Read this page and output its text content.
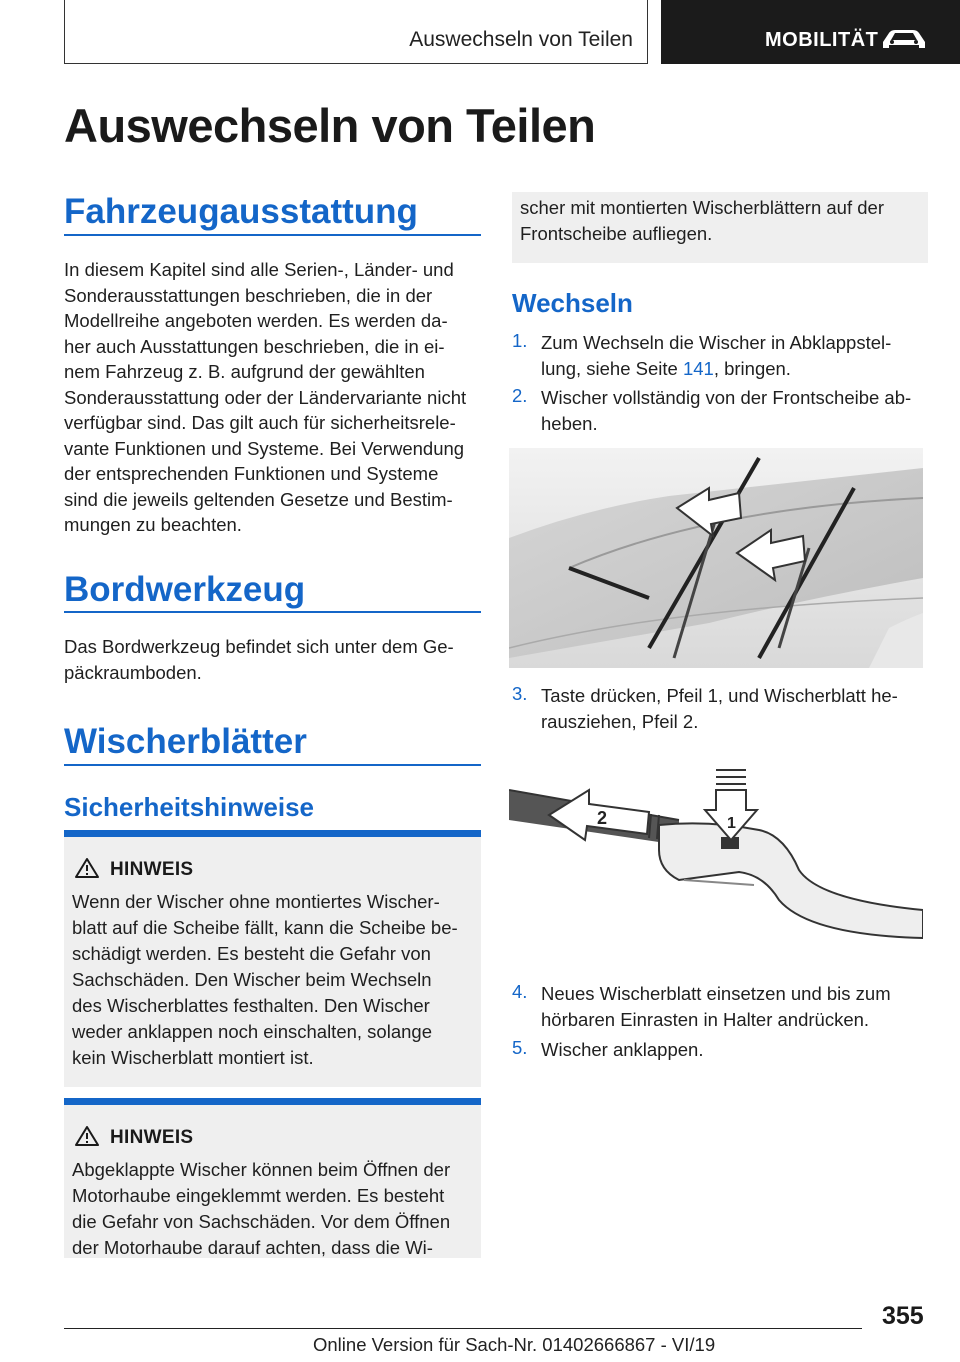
Auswechseln von Teilen	MOBILITÄT
Auswechseln von Teilen
Fahrzeugausstattung
In diesem Kapitel sind alle Serien-, Länder- und
Sonderausstattungen beschrieben, die in der
Modellreihe angeboten werden. Es werden da-
her auch Ausstattungen beschrieben, die in ei-
nem Fahrzeug z. B. aufgrund der gewählten
Sonderausstattung oder der Ländervariante nicht
verfügbar sind. Das gilt auch für sicherheitsrele-
vante Funktionen und Systeme. Bei Verwendung
der entsprechenden Funktionen und Systeme
sind die jeweils geltenden Gesetze und Bestim-
mungen zu beachten.
Bordwerkzeug
Das Bordwerkzeug befindet sich unter dem Ge-
päckraumboden.
Wischerblätter
Sicherheitshinweise
HINWEIS
Wenn der Wischer ohne montiertes Wischer-
blatt auf die Scheibe fällt, kann die Scheibe be-
schädigt werden. Es besteht die Gefahr von
Sachschäden. Den Wischer beim Wechseln
des Wischerblattes festhalten. Den Wischer
weder anklappen noch einschalten, solange
kein Wischerblatt montiert ist.
HINWEIS
Abgeklappte Wischer können beim Öffnen der
Motorhaube eingeklemmt werden. Es besteht
die Gefahr von Sachschäden. Vor dem Öffnen
der Motorhaube darauf achten, dass die Wi-
scher mit montierten Wischerblättern auf der
Frontscheibe aufliegen.
Wechseln
1. Zum Wechseln die Wischer in Abklappstel-
lung, siehe Seite 141, bringen.
2. Wischer vollständig von der Frontscheibe ab-
heben.
3. Taste drücken, Pfeil 1, und Wischerblatt he-
rausziehen, Pfeil 2.
2	1
4. Neues Wischerblatt einsetzen und bis zum
hörbaren Einrasten in Halter andrücken.
5. Wischer anklappen.
355
Online Version für Sach-Nr. 01402666867 - VI/19
